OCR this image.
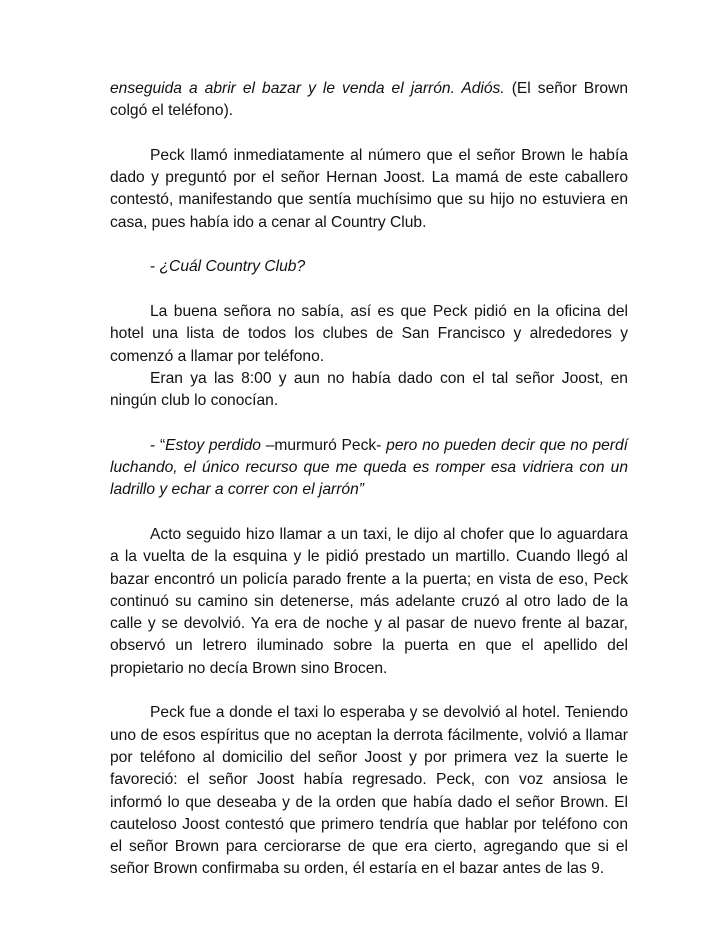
enseguida a abrir el bazar y le venda el jarrón. Adiós. (El señor Brown colgó el teléfono).

Peck llamó inmediatamente al número que el señor Brown le había dado y preguntó por el señor Hernan Joost. La mamá de este caballero contestó, manifestando que sentía muchísimo que su hijo no estuviera en casa, pues había ido a cenar al Country Club.

- ¿Cuál Country Club?

La buena señora no sabía, así es que Peck pidió en la oficina del hotel una lista de todos los clubes de San Francisco y alrededores y comenzó a llamar por teléfono.

Eran ya las 8:00 y aun no había dado con el tal señor Joost, en ningún club lo conocían.

- “Estoy perdido –murmuró Peck- pero no pueden decir que no perdí luchando, el único recurso que me queda es romper esa vidriera con un ladrillo y echar a correr con el jarrón”

Acto seguido hizo llamar a un taxi, le dijo al chofer que lo aguardara a la vuelta de la esquina y le pidió prestado un martillo. Cuando llegó al bazar encontró un policía parado frente a la puerta; en vista de eso, Peck continuó su camino sin detenerse, más adelante cruzó al otro lado de la calle y se devolvió. Ya era de noche y al pasar de nuevo frente al bazar, observó un letrero iluminado sobre la puerta en que el apellido del propietario no decía Brown sino Brocen.

Peck fue a donde el taxi lo esperaba y se devolvió al hotel. Teniendo uno de esos espíritus que no aceptan la derrota fácilmente, volvió a llamar por teléfono al domicilio del señor Joost y por primera vez la suerte le favoreció: el señor Joost había regresado. Peck, con voz ansiosa le informó lo que deseaba y de la orden que había dado el señor Brown. El cauteloso Joost contestó que primero tendría que hablar por teléfono con el señor Brown para cerciorarse de que era cierto, agregando que si el señor Brown confirmaba su orden, él estaría en el bazar antes de las 9.
